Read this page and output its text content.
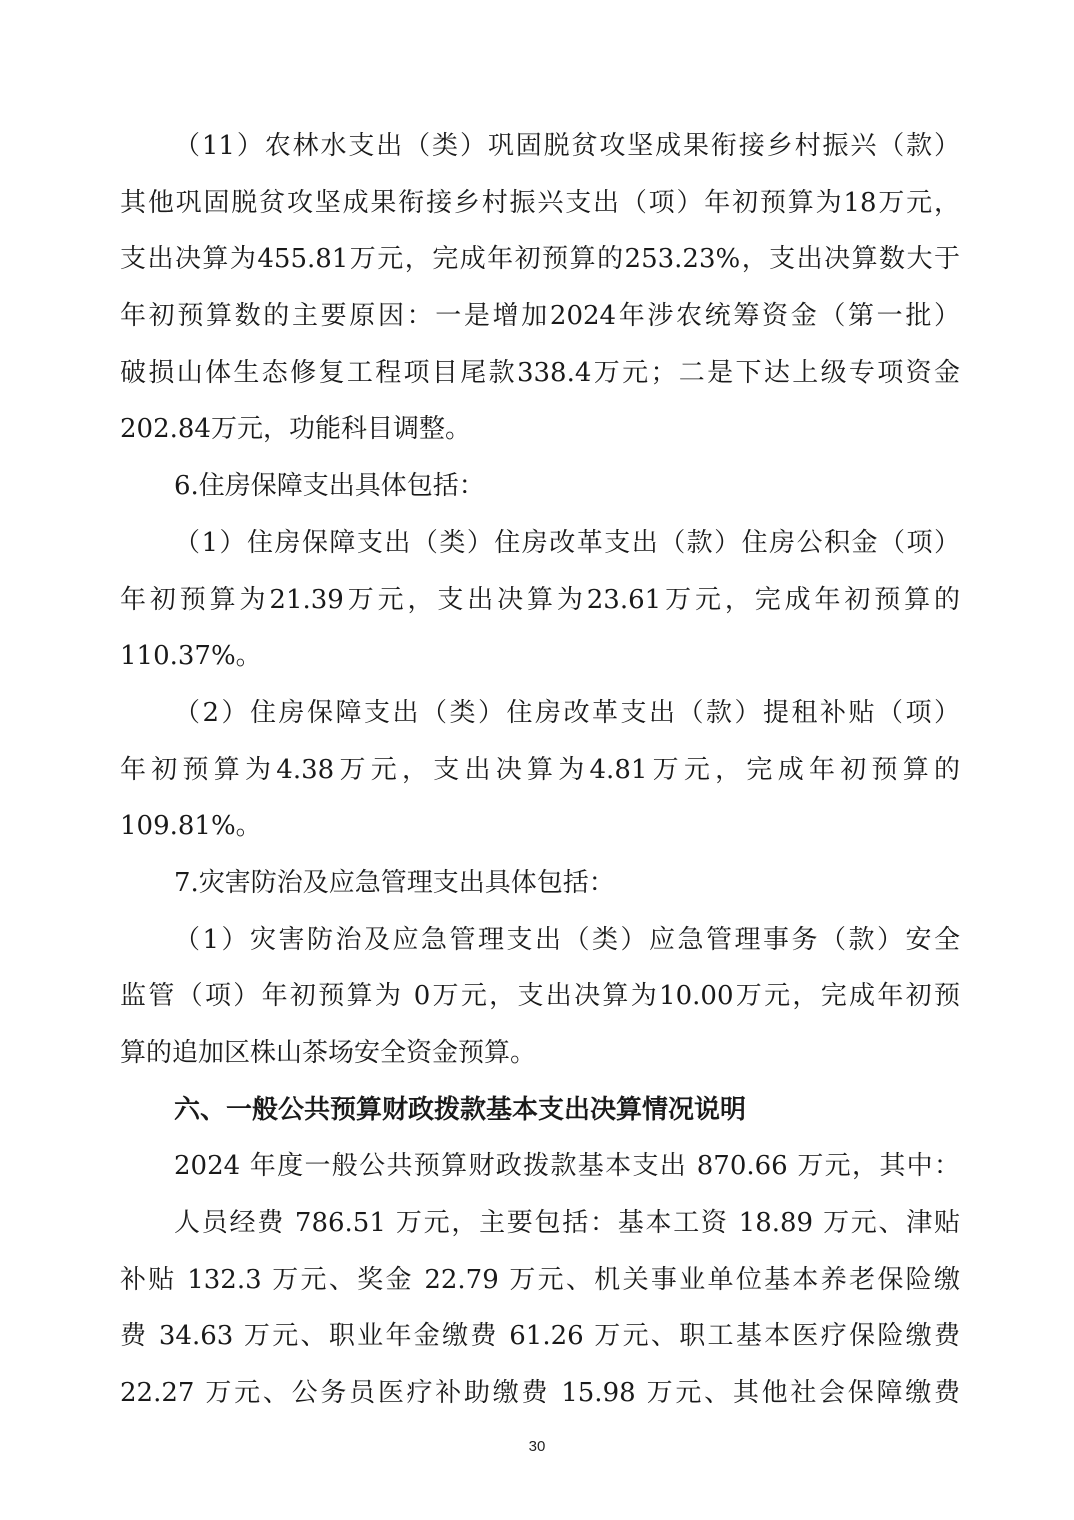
（11）农林水支出（类）巩固脱贫攻坚成果衔接乡村振兴（款）
其他巩固脱贫攻坚成果衔接乡村振兴支出（项）年初预算为18万元，
支出决算为455.81万元，完成年初预算的253.23%，支出决算数大于
年初预算数的主要原因：一是增加2024年涉农统筹资金（第一批）
破损山体生态修复工程项目尾款338.4万元；二是下达上级专项资金
202.84万元，功能科目调整。
6.住房保障支出具体包括：
（1）住房保障支出（类）住房改革支出（款）住房公积金（项）
年初预算为21.39万元，支出决算为23.61万元，完成年初预算的
110.37%。
（2）住房保障支出（类）住房改革支出（款）提租补贴（项）
年初预算为4.38万元，支出决算为4.81万元，完成年初预算的
109.81%。
7.灾害防治及应急管理支出具体包括：
（1）灾害防治及应急管理支出（类）应急管理事务（款）安全
监管（项）年初预算为 0万元，支出决算为10.00万元，完成年初预
算的追加区株山茶场安全资金预算。
六、一般公共预算财政拨款基本支出决算情况说明
2024 年度一般公共预算财政拨款基本支出 870.66 万元，其中：
人员经费 786.51 万元，主要包括：基本工资 18.89 万元、津贴
补贴 132.3 万元、奖金 22.79 万元、机关事业单位基本养老保险缴
费 34.63 万元、职业年金缴费 61.26 万元、职工基本医疗保险缴费
22.27 万元、公务员医疗补助缴费 15.98 万元、其他社会保障缴费
30
